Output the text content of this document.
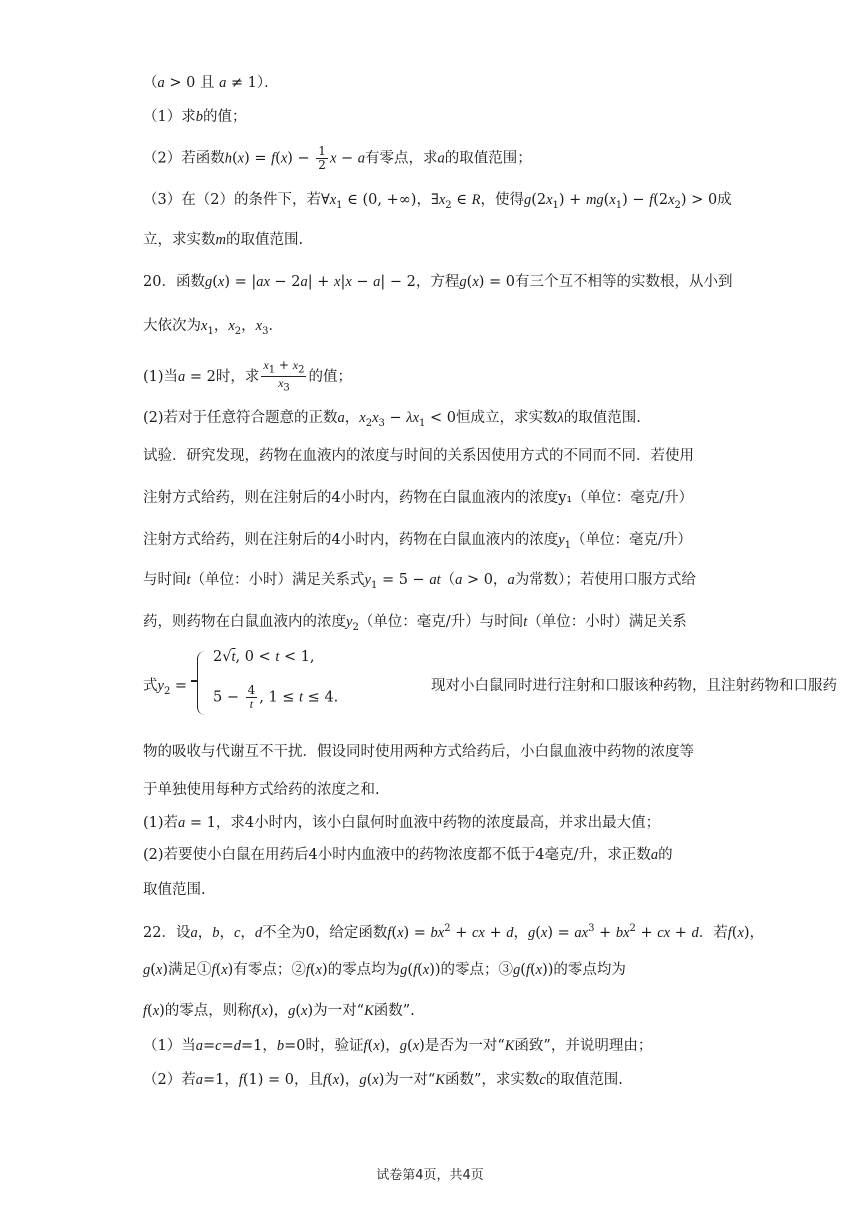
（a > 0 且 a ≠ 1）．
（1）求b的值；
（2）若函数$h(x) = f(x) - \frac{1}{2}$ x − a有零点，求a的取值范围；
（3）在（2）的条件下，若$\forall x_1$ ∈ (0, +∞)，$\exists x_2$ ∈ R，使得$g(2x_1) + mg(x_1) - f(2x_2) > 0$成
立，求实数m的取值范围.
20．函数g(x) = |ax − 2a| + x|x − a| − 2，方程g(x) = 0有三个互不相等的实数根，从小到
大依次为$x_1$，$x_2$，$x_3$．
(1)当a = 2时，求 $\frac{x_1 + x_2}{x_3}$ 的值；
(2)若对于任意符合题意的正数a，$x_2x_3 - \lambda x_1 < 0$恒成立，求实数λ的取值范围.
试验．研究发现，药物在血液内的浓度与时间的关系因使用方式的不同而不同．若使用
注射方式给药，则在注射后的4小时内，药物在白鼠血液内的浓度y₁（单位：毫克/升）
注射方式给药，则在注射后的4小时内，药物在白鼠血液内的浓度$y_1$（单位：毫克/升）
与时间t（单位：小时）满足关系式$y_1 = 5 - at(a > 0$，a为常数）；若使用口服方式给
药，则药物在白鼠血液内的浓度$y_2$（单位：毫克/升）与时间t（单位：小时）满足关系
式$y_2$ =
2√t, 0 < t < 1,
$5 - \frac{4}{t}$ , 1 ≤ t ≤ 4.
现对小白鼠同时进行注射和口服该种药物，且注射药物和口服药
物的吸收与代谢互不干扰．假设同时使用两种方式给药后，小白鼠血液中药物的浓度等
于单独使用每种方式给药的浓度之和.
(1)若a = 1，求4小时内，该小白鼠何时血液中药物的浓度最高，并求出最大值；
(2)若要使小白鼠在用药后4小时内血液中的药物浓度都不低于4毫克/升，求正数a的
取值范围.
22．设a，b，c，d不全为0，给定函数$f(x) = bx^2$ + cx + d，$g(x) = ax^3 + bx^2$ + cx + d．若f(x)，
g(x)满足①f(x)有零点；②f(x)的零点均为g(f(x))的零点；③g(f(x))的零点均为
f(x)的零点，则称f(x)，g(x)为一对“K函数”.
（1）当a=c=d=1，b=0时，验证f(x)，g(x)是否为一对“K函致”，并说明理由；
（2）若a=1，f(1) = 0，且f(x)，g(x)为一对“K函数”，求实数c的取值范围.
试卷第4页，共4页
